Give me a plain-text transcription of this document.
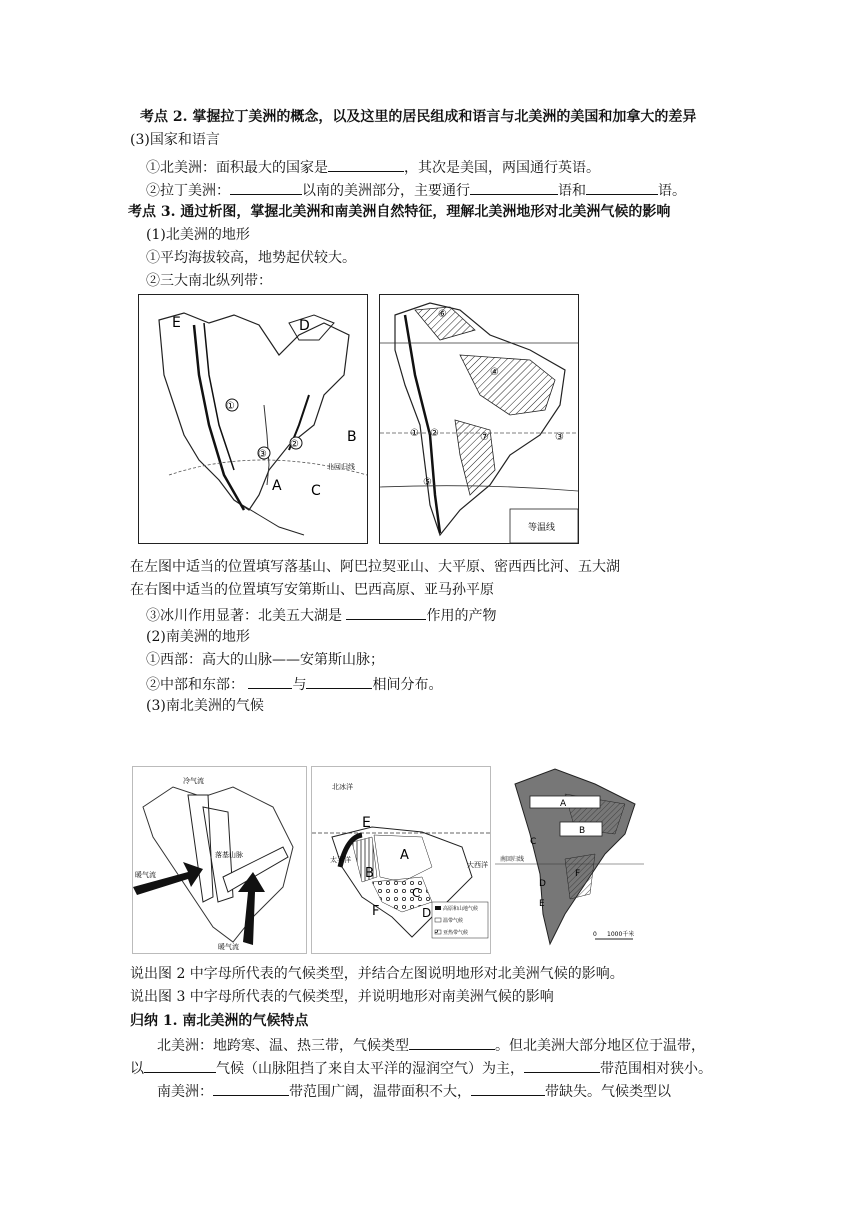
考点 2. 掌握拉丁美洲的概念，以及这里的居民组成和语言与北美洲的美国和加拿大的差异
(3)国家和语言
①北美洲：面积最大的国家是	，其次是美国，两国通行英语。
②拉丁美洲：	以南的美洲部分，主要通行	语和	语。
考点 3. 通过析图，掌握北美洲和南美洲自然特征，理解北美洲地形对北美洲气候的影响
(1)北美洲的地形
①平均海拔较高，地势起伏较大。
②三大南北纵列带：
E	D
B
A C
①
②
③
北回归线
⑥
④
① ②	③
⑤
⑦
等温线
在左图中适当的位置填写落基山、阿巴拉契亚山、大平原、密西西比河、五大湖
在右图中适当的位置填写安第斯山、巴西高原、亚马孙平原
③冰川作用显著：北美五大湖是	作用的产物
(2)南美洲的地形
①西部：高大的山脉——安第斯山脉；
②中部和东部：	与	相间分布。
(3)南北美洲的气候
冷气流
落基山脉
暖气流
暖气流
北冰洋
E
A
B
太平洋
大西洋
F
C
D 高原和山地气候
温带气候
亚热带气候
A
B
C
D
E
F
南回归线
0 1000千米
说出图 2 中字母所代表的气候类型，并结合左图说明地形对北美洲气候的影响。
说出图 3 中字母所代表的气候类型，并说明地形对南美洲气候的影响
归纳 1. 南北美洲的气候特点
北美洲：地跨寒、温、热三带，气候类型	。但北美洲大部分地区位于温带，
以	气候（山脉阻挡了来自太平洋的湿润空气）为主，	带范围相对狭小。
南美洲：	带范围广阔，温带面积不大，	带缺失。气候类型以
